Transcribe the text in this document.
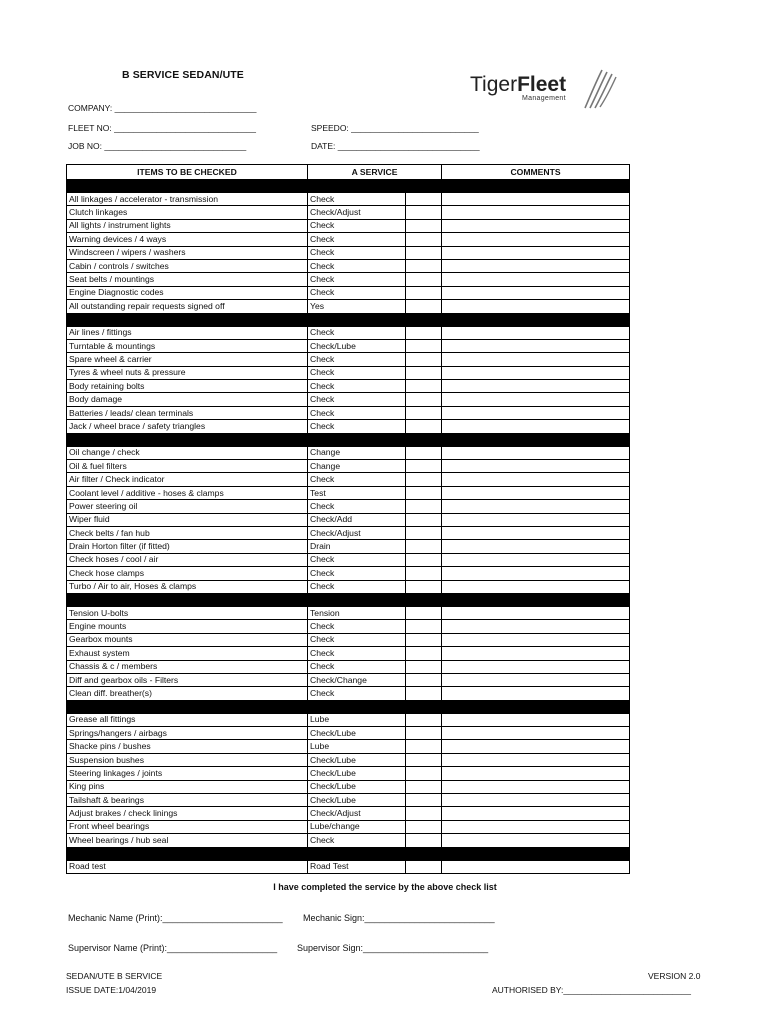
B SERVICE SEDAN/UTE	TigerFleet
Management
COMPANY: ______________________________
FLEET NO: ______________________________	SPEEDO: ___________________________
JOB NO: ______________________________	DATE: ______________________________
ITEMS TO BE CHECKED	A SERVICE		COMMENTS

All linkages / accelerator - transmission	Check		
Clutch linkages	Check/Adjust		
All lights / instrument lights	Check		
Warning devices / 4 ways	Check		
Windscreen / wipers / washers	Check		
Cabin / controls / switches	Check		
Seat belts / mountings	Check		
Engine Diagnostic codes	Check		
All outstanding repair requests signed off	Yes		

Air lines / fittings	Check		
Turntable & mountings	Check/Lube		
Spare wheel & carrier	Check		
Tyres & wheel nuts & pressure	Check		
Body retaining bolts	Check		
Body damage	Check		
Batteries / leads/ clean terminals	Check		
Jack / wheel brace / safety triangles	Check		

Oil change / check	Change		
Oil & fuel filters	Change		
Air filter / Check indicator	Check		
Coolant level / additive - hoses & clamps	Test		
Power steering oil	Check		
Wiper fluid	Check/Add		
Check belts / fan hub	Check/Adjust		
Drain Horton filter (if fitted)	Drain		
Check hoses / cool / air	Check		
Check hose clamps	Check		
Turbo / Air to air, Hoses & clamps	Check		

Tension U-bolts	Tension		
Engine mounts	Check		
Gearbox mounts	Check		
Exhaust system	Check		
Chassis & c / members	Check		
Diff and gearbox oils - Filters	Check/Change		
Clean diff. breather(s)	Check		

Grease all fittings	Lube		
Springs/hangers / airbags	Check/Lube		
Shacke pins / bushes	Lube		
Suspension bushes	Check/Lube		
Steering linkages / joints	Check/Lube		
King pins	Check/Lube		
Tailshaft & bearings	Check/Lube		
Adjust brakes / check linings	Check/Adjust		
Front wheel bearings	Lube/change		
Wheel bearings / hub seal	Check		

Road test	Road Test		
I have completed the service by the above check list
Mechanic Name (Print):________________________ Mechanic Sign:__________________________
Supervisor Name (Print):______________________ Supervisor Sign:_________________________
SEDAN/UTE B SERVICE
ISSUE DATE:1/04/2019
VERSION 2.0
AUTHORISED BY:___________________________
